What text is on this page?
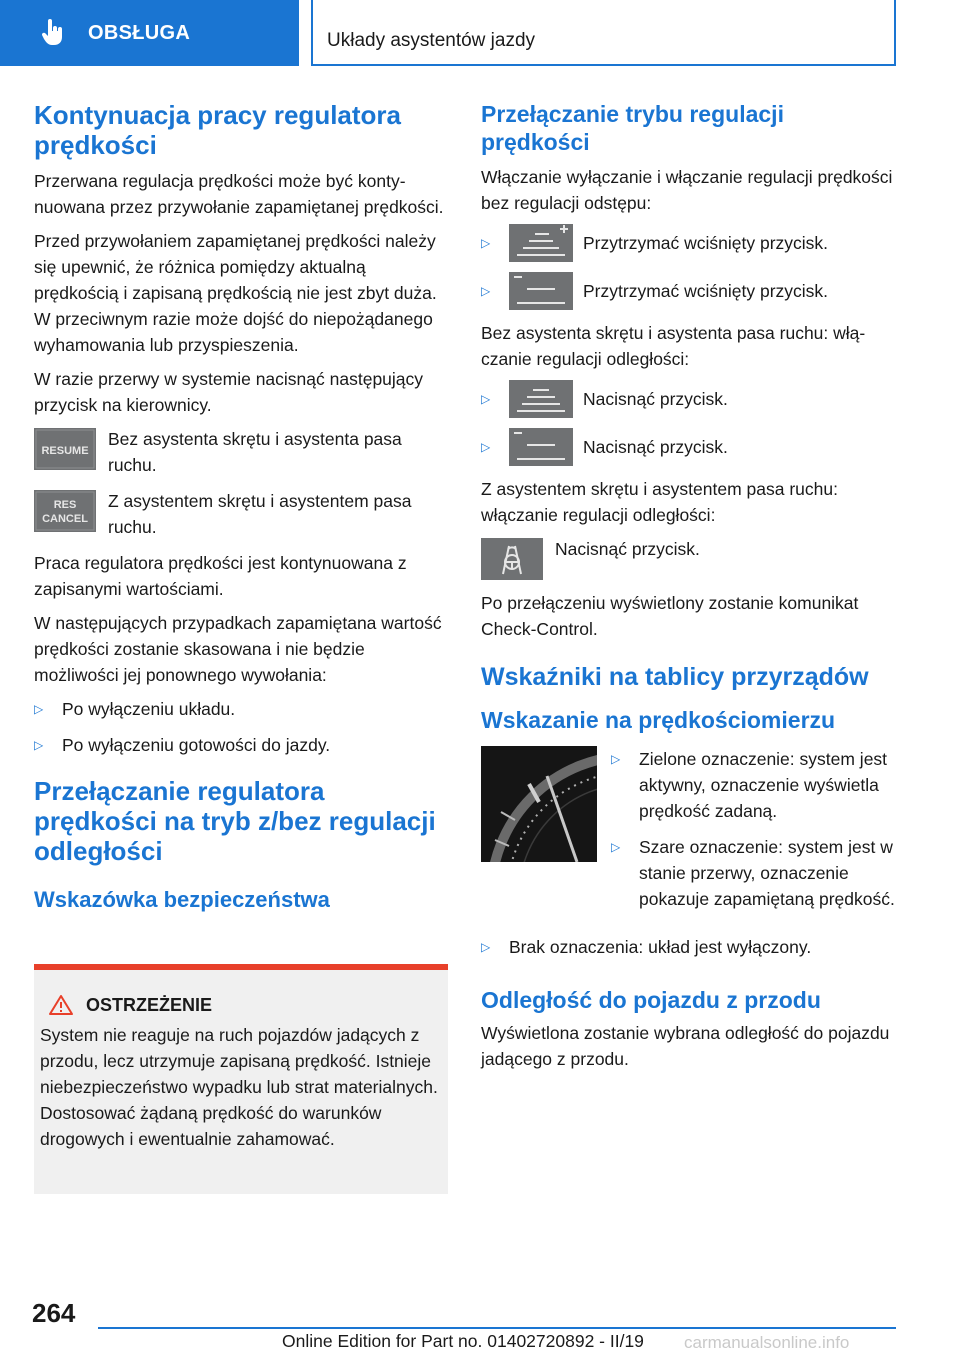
OBSŁUGA	Układy asystentów jazdy
Kontynuacja pracy regulatora prędkości

Przerwana regulacja prędkości może być kontynuowana przez przywołanie zapamiętanej prędkości.

Przed przywołaniem zapamiętanej prędkości należy się upewnić, że różnica pomiędzy aktualną prędkością i zapisaną prędkością nie jest zbyt duża. W przeciwnym razie może dojść do niepożądanego wyhamowania lub przyspieszenia.

W razie przerwy w systemie nacisnąć następujący przycisk na kierownicy.

RESUME
Bez asystenta skrętu i asystenta pasa ruchu.
RES
CANCEL
Z asystentem skrętu i asystentem pasa ruchu.

Praca regulatora prędkości jest kontynuowana z zapisanymi wartościami.

W następujących przypadkach zapamiętana wartość prędkości zostanie skasowana i nie będzie możliwości jej ponownego wywołania:

▷	Po wyłączeniu układu.
▷	Po wyłączeniu gotowości do jazdy.
Przełączanie regulatora prędkości na tryb z/bez regulacji odległości
Wskazówka bezpieczeństwa
OSTRZEŻENIE

System nie reaguje na ruch pojazdów jadących z przodu, lecz utrzymuje zapisaną prędkość. Istnieje niebezpieczeństwo wypadku lub strat materialnych. Dostosować żądaną prędkość do warunków drogowych i ewentualnie zahamować.

Przełączanie trybu regulacji prędkości

Włączanie wyłączanie i włączanie regulacji prędkości bez regulacji odstępu:

▷	Przytrzymać wciśnięty przycisk.
▷	Przytrzymać wciśnięty przycisk.

Bez asystenta skrętu i asystenta pasa ruchu: włączanie regulacji odległości:

▷	Nacisnąć przycisk.
▷	Nacisnąć przycisk.

Z asystentem skrętu i asystentem pasa ruchu: włączanie regulacji odległości:

Nacisnąć przycisk.

Po przełączeniu wyświetlony zostanie komunikat Check-Control.

Wskaźniki na tablicy przyrządów
Wskazanie na prędkościomierzu
▷	Zielone oznaczenie: system jest aktywny, oznaczenie wyświetla prędkość zadaną.
▷	Szare oznaczenie: system jest w stanie przerwy, oznaczenie pokazuje zapamiętaną prędkość.
▷	Brak oznaczenia: układ jest wyłączony.
Odległość do pojazdu z przodu

Wyświetlona zostanie wybrana odległość do pojazdu jadącego z przodu.

264
Online Edition for Part no. 01402720892 - II/19 carmanualsonline.info
